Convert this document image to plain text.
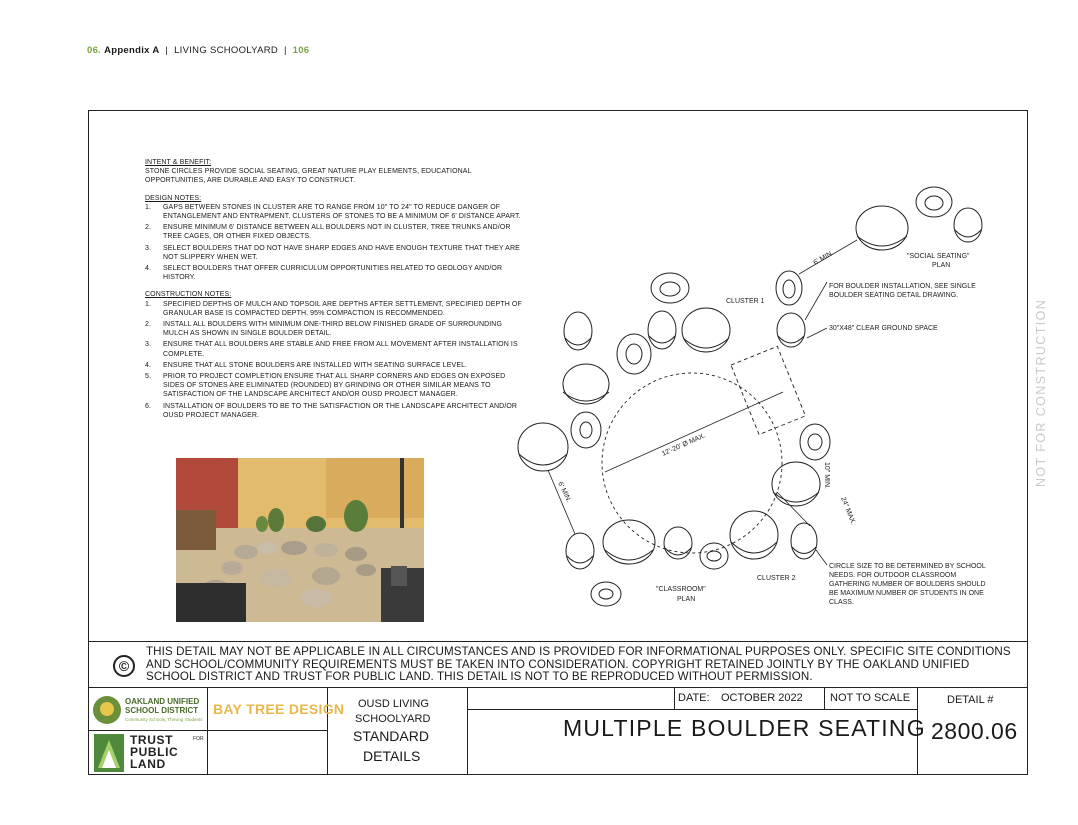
06. Appendix A | LIVING SCHOOLYARD | 106
INTENT & BENEFIT:
STONE CIRCLES PROVIDE SOCIAL SEATING, GREAT NATURE PLAY ELEMENTS, EDUCATIONAL OPPORTUNITIES, ARE DURABLE AND EASY TO CONSTRUCT.
DESIGN NOTES:
1. GAPS BETWEEN STONES IN CLUSTER ARE TO RANGE FROM 10" TO 24" TO REDUCE DANGER OF ENTANGLEMENT AND ENTRAPMENT. CLUSTERS OF STONES TO BE A MINIMUM OF 6' DISTANCE APART.
2. ENSURE MINIMUM 6' DISTANCE BETWEEN ALL BOULDERS NOT IN CLUSTER, TREE TRUNKS AND/OR TREE CAGES, OR OTHER FIXED OBJECTS.
3. SELECT BOULDERS THAT DO NOT HAVE SHARP EDGES AND HAVE ENOUGH TEXTURE THAT THEY ARE NOT SLIPPERY WHEN WET.
4. SELECT BOULDERS THAT OFFER CURRICULUM OPPORTUNITIES RELATED TO GEOLOGY AND/OR HISTORY.
CONSTRUCTION NOTES:
1. SPECIFIED DEPTHS OF MULCH AND TOPSOIL ARE DEPTHS AFTER SETTLEMENT, SPECIFIED DEPTH OF GRANULAR BASE IS COMPACTED DEPTH. 95% COMPACTION IS RECOMMENDED.
2. INSTALL ALL BOULDERS WITH MINIMUM ONE-THIRD BELOW FINISHED GRADE OF SURROUNDING MULCH AS SHOWN IN SINGLE BOULDER DETAIL.
3. ENSURE THAT ALL BOULDERS ARE STABLE AND FREE FROM ALL MOVEMENT AFTER INSTALLATION IS COMPLETE.
4. ENSURE THAT ALL STONE BOULDERS ARE INSTALLED WITH SEATING SURFACE LEVEL.
5. PRIOR TO PROJECT COMPLETION ENSURE THAT ALL SHARP CORNERS AND EDGES ON EXPOSED SIDES OF STONES ARE ELIMINATED (ROUNDED) BY GRINDING OR OTHER SIMILAR MEANS TO SATISFACTION OF THE LANDSCAPE ARCHITECT AND/OR OUSD PROJECT MANAGER.
6. INSTALLATION OF BOULDERS TO BE TO THE SATISFACTION OR THE LANDSCAPE ARCHITECT AND/OR OUSD PROJECT MANAGER.
"SOCIAL SEATING"
PLAN
CLUSTER 1
CLUSTER 2
"CLASSROOM"
PLAN
6' MIN.
6' MIN.
12'-20' Ø MAX.
10" MIN.
24" MAX.
FOR BOULDER INSTALLATION, SEE SINGLE
BOULDER SEATING DETAIL DRAWING.
30"X48" CLEAR GROUND SPACE
CIRCLE SIZE TO BE DETERMINED BY SCHOOL
NEEDS. FOR OUTDOOR CLASSROOM
GATHERING NUMBER OF BOULDERS SHOULD
BE MAXIMUM NUMBER OF STUDENTS IN ONE
CLASS.
NOT FOR CONSTRUCTION
©
THIS DETAIL MAY NOT BE APPLICABLE IN ALL CIRCUMSTANCES AND IS PROVIDED FOR INFORMATIONAL PURPOSES ONLY. SPECIFIC SITE CONDITIONS AND SCHOOL/COMMUNITY REQUIREMENTS MUST BE TAKEN INTO CONSIDERATION. COPYRIGHT RETAINED JOINTLY BY THE OAKLAND UNIFIED SCHOOL DISTRICT AND TRUST FOR PUBLIC LAND. THIS DETAIL IS NOT TO BE REPRODUCED WITHOUT PERMISSION.
OAKLAND UNIFIED
SCHOOL DISTRICT
Community Schools, Thriving Students
BAY TREE DESIGN
TRUST
PUBLIC
LAND
FOR
OUSD LIVING
SCHOOLYARD
STANDARD
DETAILS
DATE: OCTOBER 2022 NOT TO SCALE	DETAIL #
MULTIPLE BOULDER SEATING 2800.06
